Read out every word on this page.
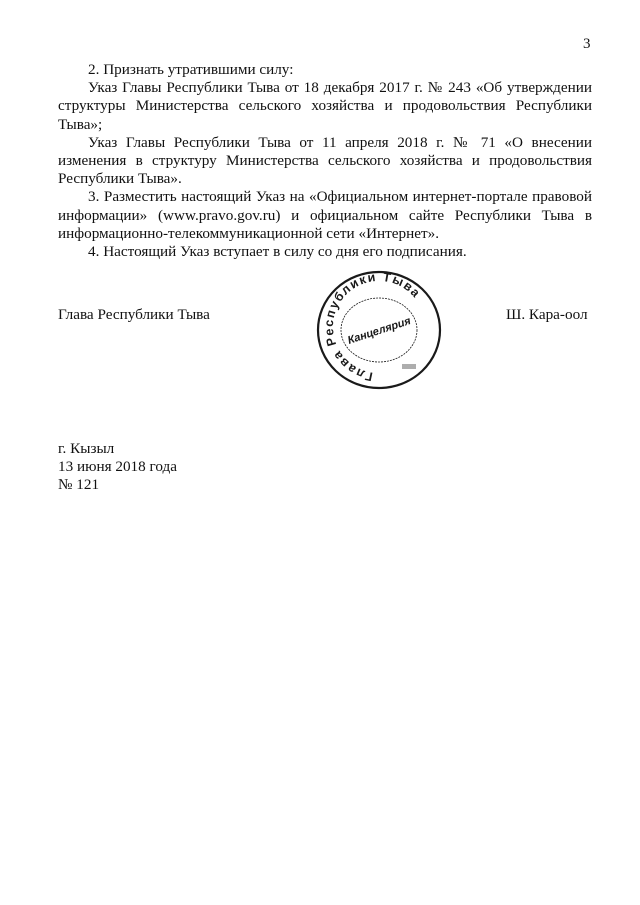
3

2. Признать утратившими силу:

Указ Главы Республики Тыва от 18 декабря 2017 г. № 243 «Об утверждении структуры Министерства сельского хозяйства и продовольствия Республики Тыва»;

Указ Главы Республики Тыва от 11 апреля 2018 г. № 71 «О внесении изменения в структуру Министерства сельского хозяйства и продовольствия Республики Тыва».

3. Разместить настоящий Указ на «Официальном интернет-портале правовой информации» (www.pravo.gov.ru) и официальном сайте Республики Тыва в информационно-телекоммуникационной сети «Интернет».

4. Настоящий Указ вступает в силу со дня его подписания.

Глава Республики Тыва
Глава Республики Тыва
Канцелярия
Ш. Кара-оол
г. Кызыл
13 июня 2018 года
№ 121
